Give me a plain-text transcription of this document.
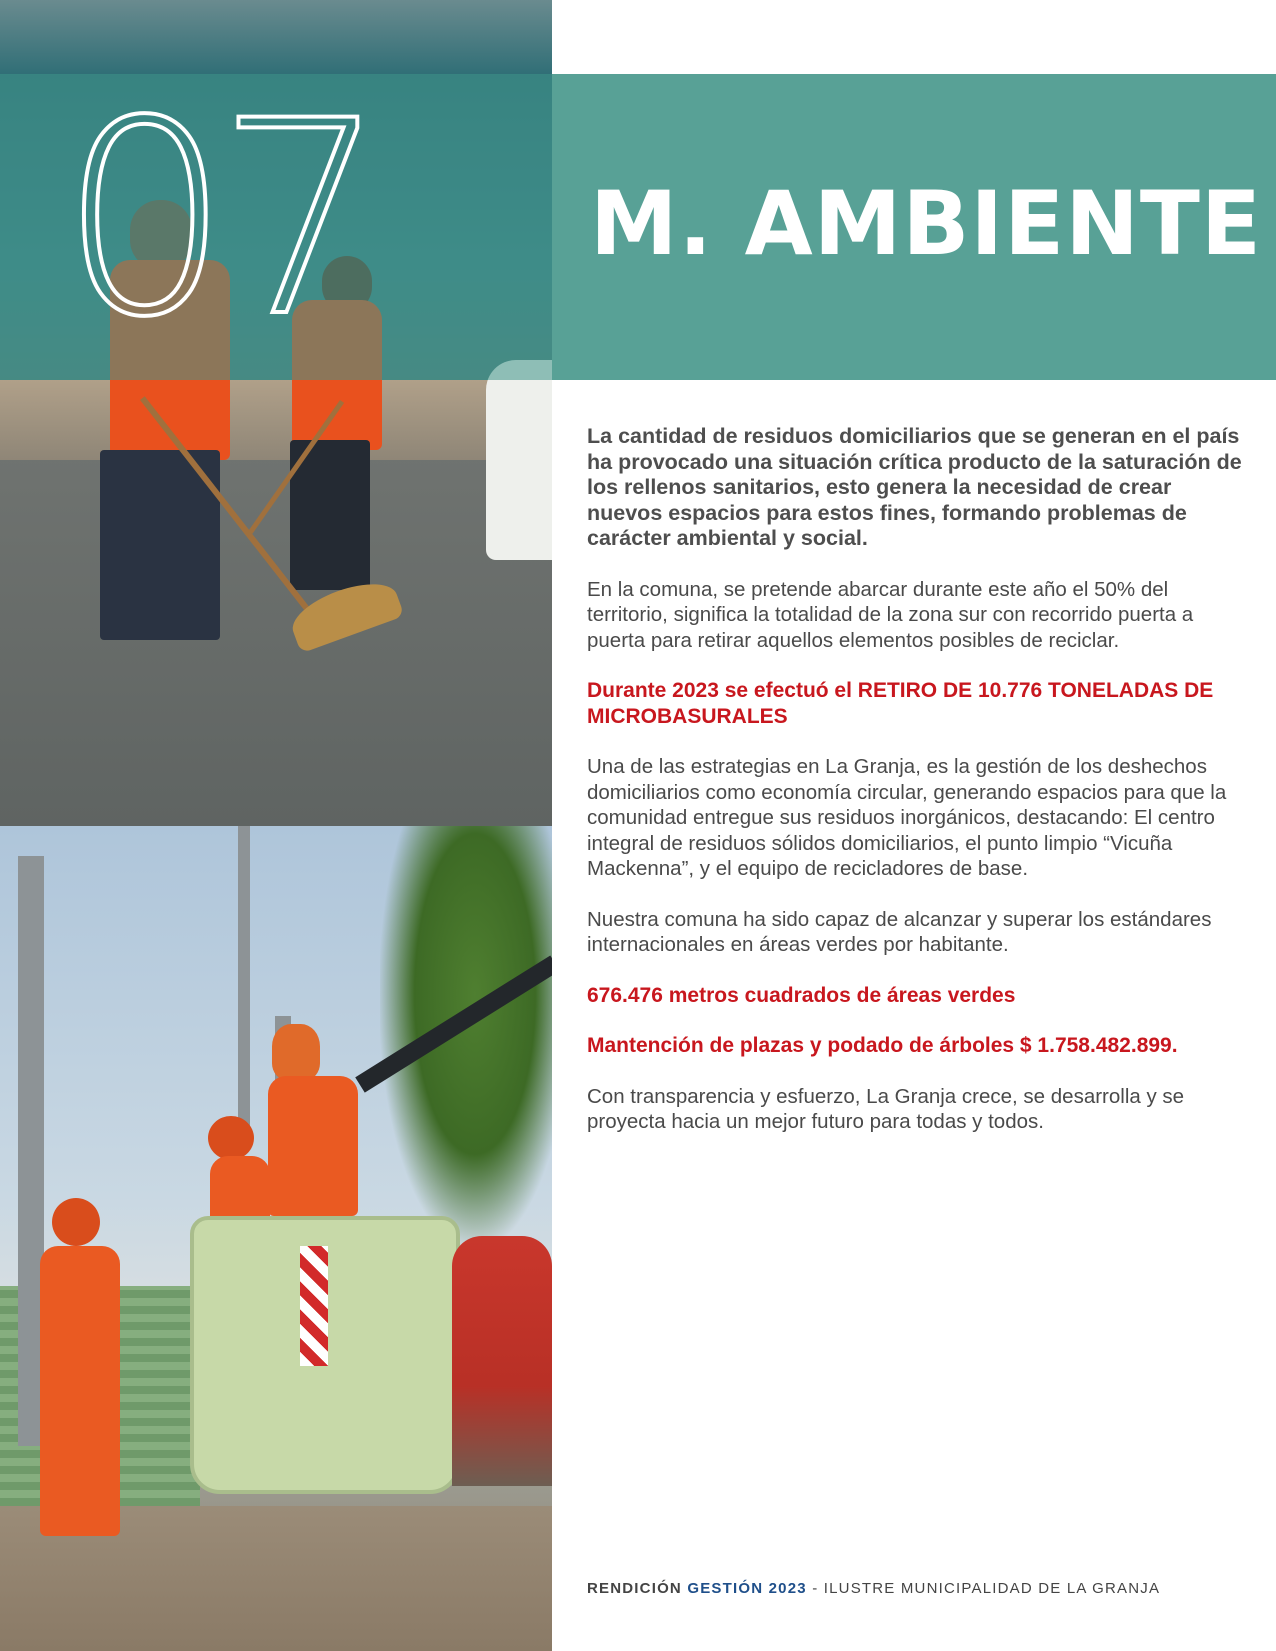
07 M. AMBIENTE

La cantidad de residuos domiciliarios que se generan en el país ha provocado una situación crítica producto de la saturación de los rellenos sanitarios, esto genera la necesidad de crear nuevos espacios para estos fines, formando problemas de carácter ambiental y social.

En la comuna, se pretende abarcar durante este año el 50% del territorio, significa la totalidad de la zona sur con recorrido puerta a puerta para retirar aquellos elementos posibles de reciclar.

Durante 2023 se efectuó el RETIRO DE 10.776 TONELADAS DE MICROBASURALES

Una de las estrategias en La Granja, es la gestión de los deshechos domiciliarios como economía circular, generando espacios para que la comunidad entregue sus residuos inorgánicos, destacando: El centro integral de residuos sólidos domiciliarios, el punto limpio “Vicuña Mackenna”, y el equipo de recicladores de base.

Nuestra comuna ha sido capaz de alcanzar y superar los estándares internacionales en áreas verdes por habitante.

676.476 metros cuadrados de áreas verdes

Mantención de plazas y podado de árboles $ 1.758.482.899.

Con transparencia y esfuerzo, La Granja crece, se desarrolla y se proyecta hacia un mejor futuro para todas y todos.

RENDICIÓN GESTIÓN 2023 - ILUSTRE MUNICIPALIDAD DE LA GRANJA
